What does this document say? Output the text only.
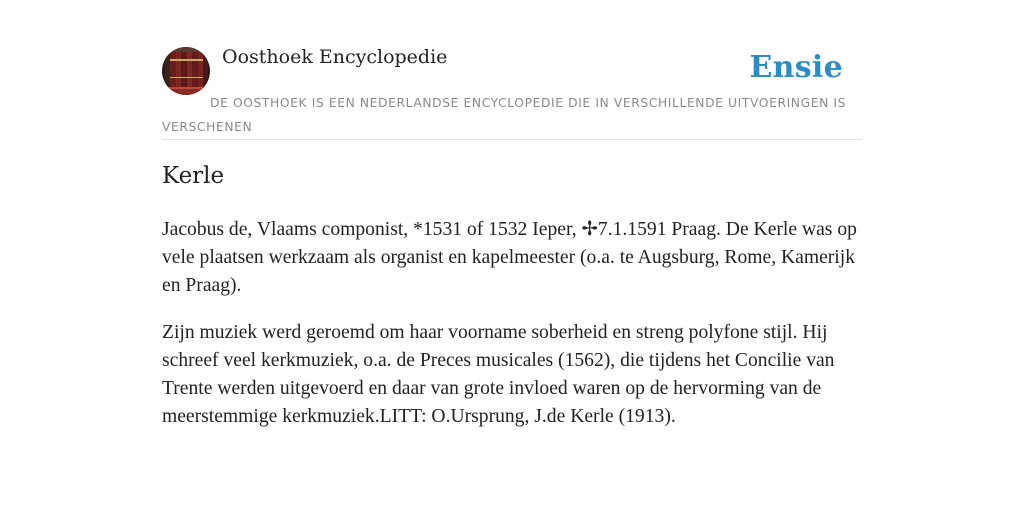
Oosthoek Encyclopedie	Ensie
DE OOSTHOEK IS EEN NEDERLANDSE ENCYCLOPEDIE DIE IN VERSCHILLENDE UITVOERINGEN IS VERSCHENEN
Kerle

Jacobus de, Vlaams componist, *1531 of 1532 Ieper, ✢7.1.1591 Praag. De Kerle was op vele plaatsen werkzaam als organist en kapelmeester (o.a. te Augsburg, Rome, Kamerijk en Praag).

Zijn muziek werd geroemd om haar voorname soberheid en streng polyfone stijl. Hij schreef veel kerkmuziek, o.a. de Preces musicales (1562), die tijdens het Concilie van Trente werden uitgevoerd en daar van grote invloed waren op de hervorming van de meerstemmige kerkmuziek.LITT: O.Ursprung, J.de Kerle (1913).
